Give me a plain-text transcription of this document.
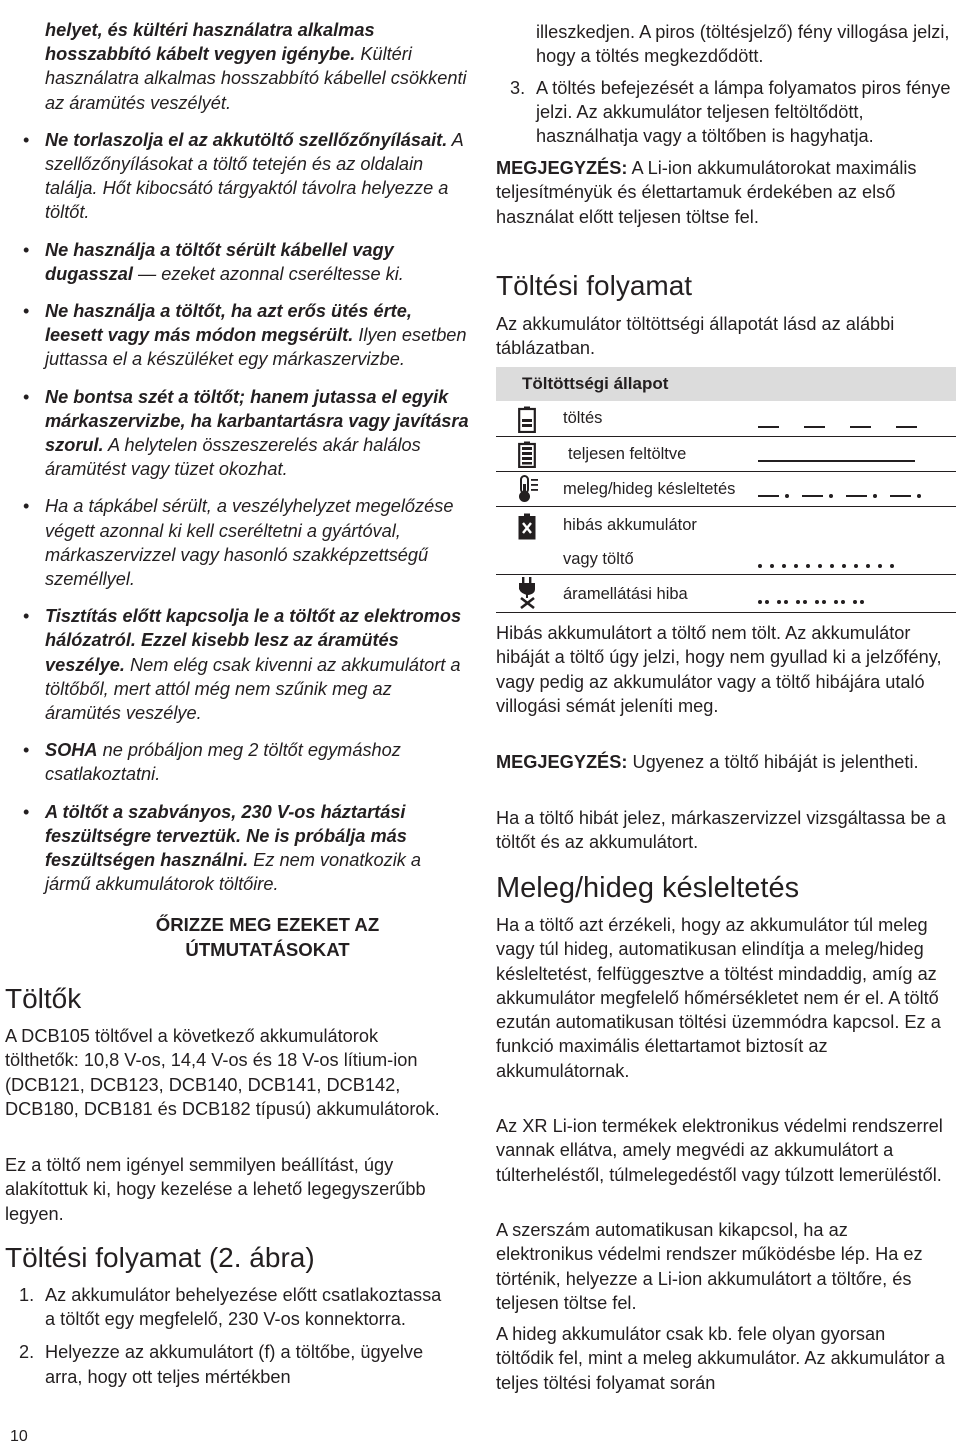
helyet, és kültéri használatra alkalmas hosszabbító kábelt vegyen igénybe. Kültéri használatra alkalmas hosszabbító kábellel csökkenti az áramütés veszélyét.
• Ne torlaszolja el az akkutöltő szellőzőnyílásait. A szellőzőnyílásokat a töltő tetején és az oldalain találja. Hőt kibocsátó tárgyaktól távolra helyezze a töltőt.
• Ne használja a töltőt sérült kábellel vagy dugasszal — ezeket azonnal cseréltesse ki.
• Ne használja a töltőt, ha azt erős ütés érte, leesett vagy más módon megsérült. Ilyen esetben juttassa el a készüléket egy márkaszervizbe.
• Ne bontsa szét a töltőt; hanem jutassa el egyik márkaszervizbe, ha karbantartásra vagy javításra szorul. A helytelen összeszerelés akár halálos áramütést vagy tüzet okozhat.
• Ha a tápkábel sérült, a veszélyhelyzet megelőzése végett azonnal ki kell cseréltetni a gyártóval, márkaszervizzel vagy hasonló szakképzettségű személlyel.
• Tisztítás előtt kapcsolja le a töltőt az elektromos hálózatról. Ezzel kisebb lesz az áramütés veszélye. Nem elég csak kivenni az akkumulátort a töltőből, mert attól még nem szűnik meg az áramütés veszélye.
• SOHA ne próbáljon meg 2 töltőt egymáshoz csatlakoztatni.
• A töltőt a szabványos, 230 V-os háztartási feszültségre terveztük. Ne is próbálja más feszültségen használni. Ez nem vonatkozik a jármű akkumulátorok töltőire.
ŐRIZZE MEG EZEKET AZ
ÚTMUTATÁSOKAT
Töltők

A DCB105 töltővel a következő akkumulátorok tölthetők: 10,8 V-os, 14,4 V-os és 18 V-os lítium-ion (DCB121, DCB123, DCB140, DCB141, DCB142, DCB180, DCB181 és DCB182 típusú) akkumulátorok.

Ez a töltő nem igényel semmilyen beállítást, úgy alakítottuk ki, hogy kezelése a lehető legegyszerűbb legyen.

Töltési folyamat (2. ábra)
1. Az akkumulátor behelyezése előtt csatlakoztassa a töltőt egy megfelelő, 230 V-os konnektorra.
2. Helyezze az akkumulátort (f) a töltőbe, ügyelve arra, hogy ott teljes mértékben
10

illeszkedjen. A piros (töltésjelző) fény villogása jelzi, hogy a töltés megkezdődött.

3. A töltés befejezését a lámpa folyamatos piros fénye jelzi. Az akkumulátor teljesen feltöltődött, használhatja vagy a töltőben is hagyhatja.

MEGJEGYZÉS: A Li-ion akkumulátorokat maximális teljesítményük és élettartamuk érdekében az első használat előtt teljesen töltse fel.

Töltési folyamat

Az akkumulátor töltöttségi állapotát lásd az alábbi táblázatban.

Hibás akkumulátort a töltő nem tölt. Az akkumulátor hibáját a töltő úgy jelzi, hogy nem gyullad ki a jelzőfény, vagy pedig az akkumulátor vagy a töltő hibájára utaló villogási sémát jeleníti meg.

MEGJEGYZÉS: Ugyenez a töltő hibáját is jelentheti.

Ha a töltő hibát jelez, márkaszervizzel vizsgáltassa be a töltőt és az akkumulátort.

Meleg/hideg késleltetés

Ha a töltő azt érzékeli, hogy az akkumulátor túl meleg vagy túl hideg, automatikusan elindítja a meleg/hideg késleltetést, felfüggesztve a töltést mindaddig, amíg az akkumulátor megfelelő hőmérsékletet nem ér el. A töltő ezután automatikusan töltési üzemmódra kapcsol. Ez a funkció maximális élettartamot biztosít az akkumulátornak.

Az XR Li-ion termékek elektronikus védelmi rendszerrel vannak ellátva, amely megvédi az akkumulátort a túlterheléstől, túlmelegedéstől vagy túlzott lemerüléstől.

A szerszám automatikusan kikapcsol, ha az elektronikus védelmi rendszer működésbe lép. Ha ez történik, helyezze a Li-ion akkumulátort a töltőre, és teljesen töltse fel.

A hideg akkumulátor csak kb. fele olyan gyorsan töltődik fel, mint a meleg akkumulátor. Az akkumulátor a teljes töltési folyamat során

Töltöttségi állapot
töltés
teljesen feltöltve
meleg/hideg késleltetés
hibás akkumulátor
vagy töltő
áramellátási hiba
